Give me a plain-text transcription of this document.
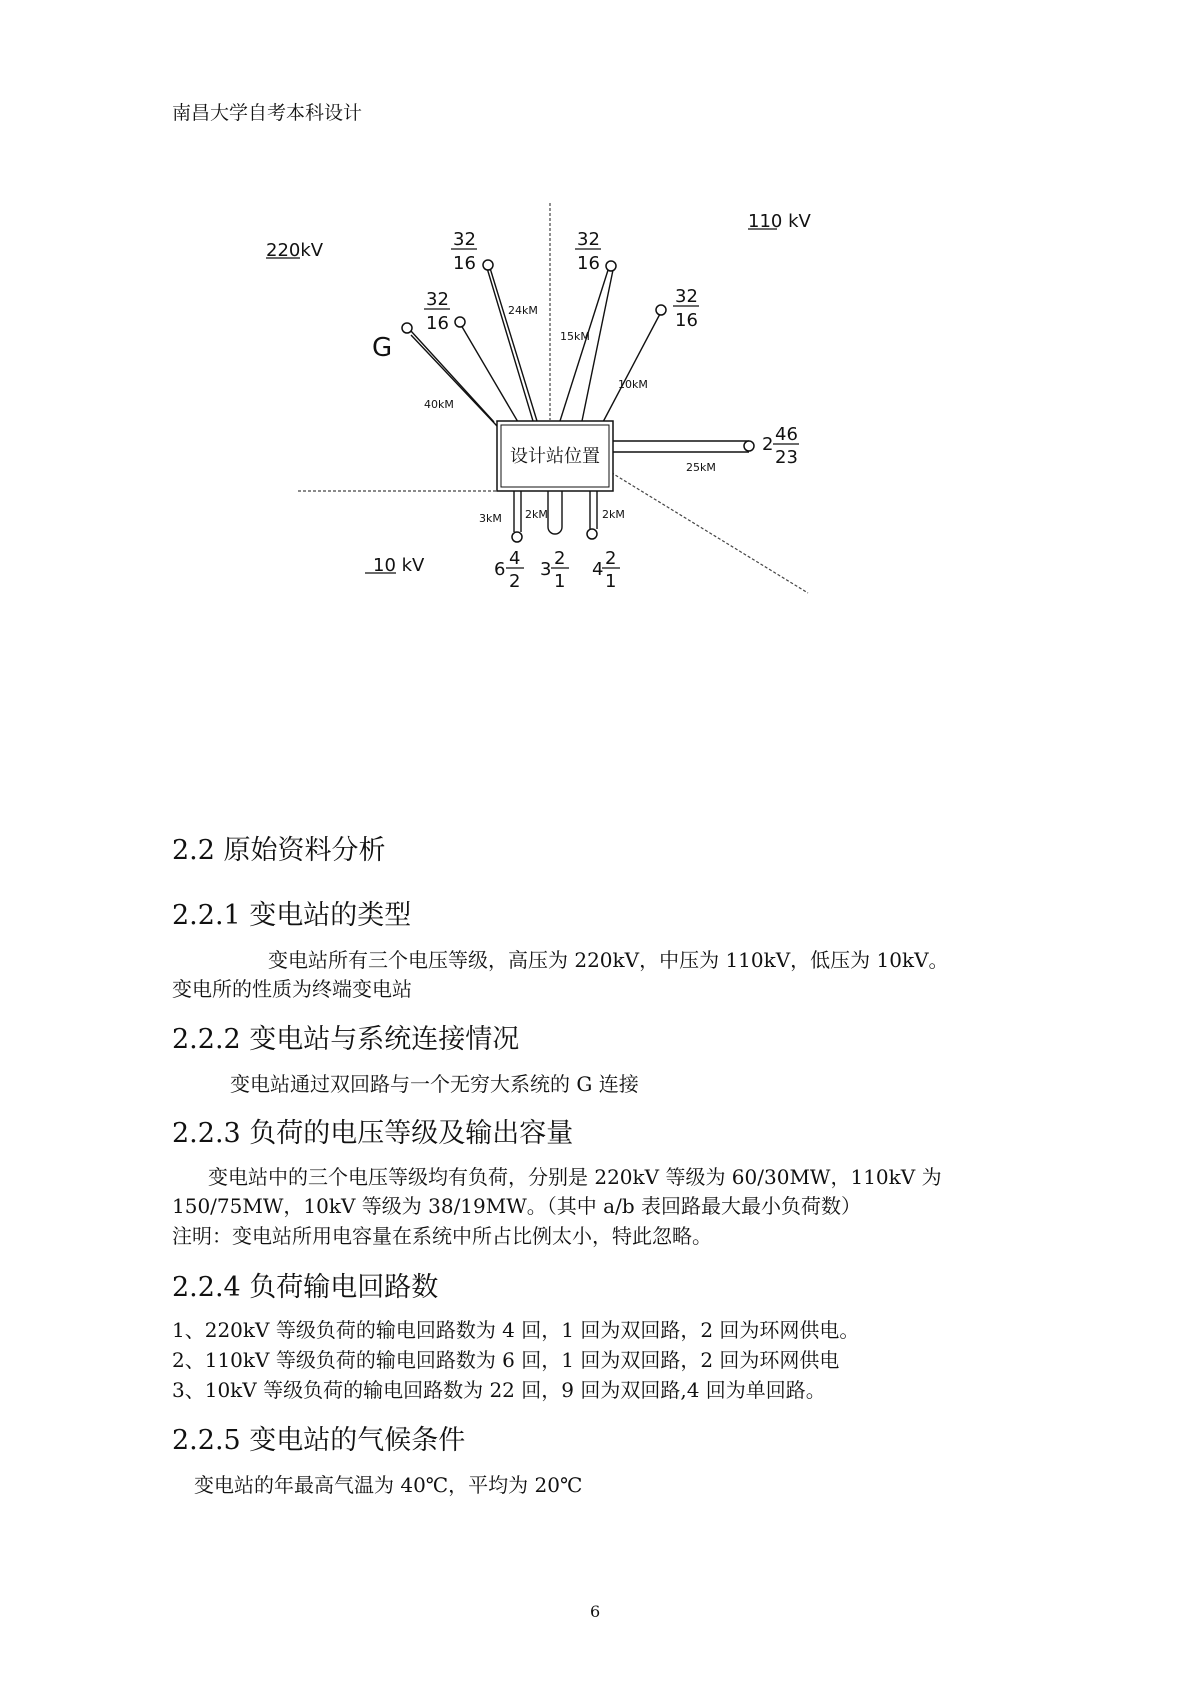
南昌大学自考本科设计
220kV
110 kV
10 kV
G
32
16
32
16
32
16
32
16
2 46
23
设计站位置
6
4
2
3
2
1
4
2
1
24kM
15kM
10kM
40kM
25kM
3kM 2kM	2kM
2.2 原始资料分析
2.2.1 变电站的类型

变电站所有三个电压等级，高压为 220kV，中压为 110kV，低压为 10kV。

变电所的性质为终端变电站

2.2.2 变电站与系统连接情况

变电站通过双回路与一个无穷大系统的 G 连接

2.2.3 负荷的电压等级及输出容量

变电站中的三个电压等级均有负荷，分别是 220kV 等级为 60/30MW，110kV 为

150/75MW，10kV 等级为 38/19MW。（其中 a/b 表回路最大最小负荷数）

注明：变电站所用电容量在系统中所占比例太小，特此忽略。

2.2.4 负荷输电回路数

1、220kV 等级负荷的输电回路数为 4 回，1 回为双回路，2 回为环网供电。

2、110kV 等级负荷的输电回路数为 6 回，1 回为双回路，2 回为环网供电

3、10kV 等级负荷的输电回路数为 22 回，9 回为双回路,4 回为单回路。

2.2.5 变电站的气候条件

变电站的年最高气温为 40℃，平均为 20℃

6
